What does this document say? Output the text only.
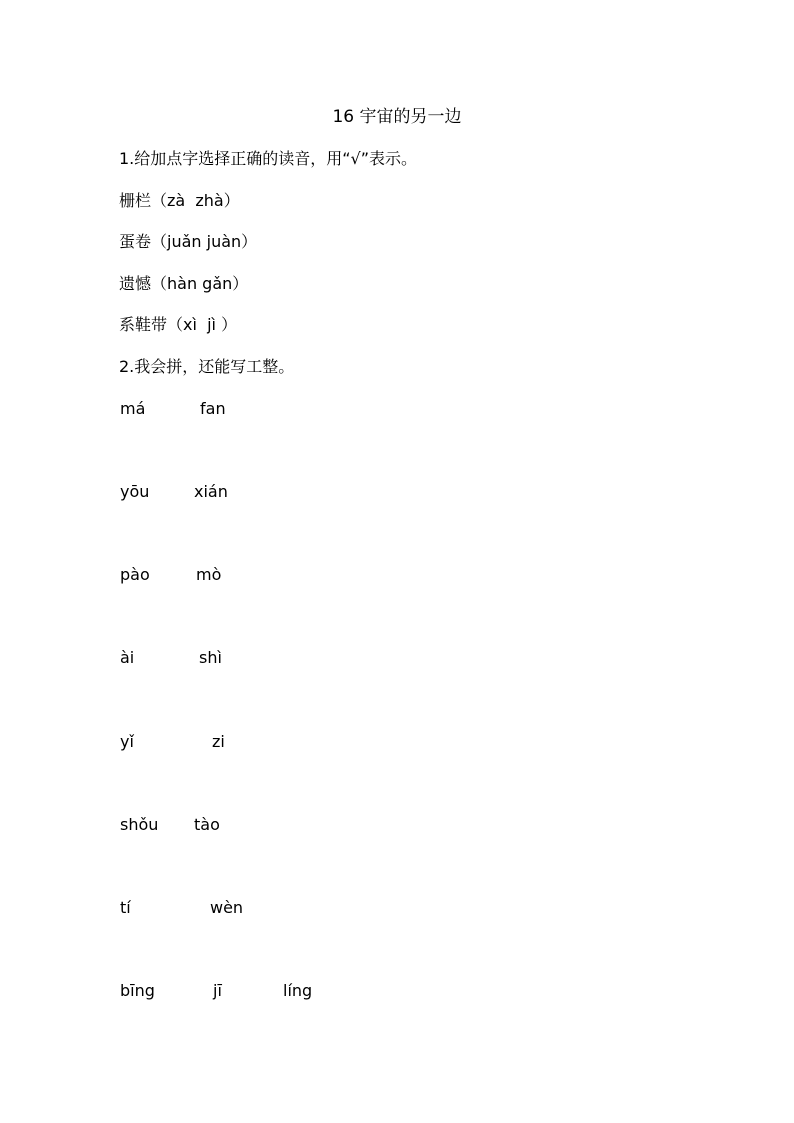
16 宇宙的另一边
1.给加点字选择正确的读音，用“√”表示。
栅栏（zà  zhà）
蛋卷（juǎn juàn）
遗憾（hàn gǎn）
系鞋带（xì  jì ）
2.我会拼，还能写工整。
má	fan
yōu	xián
pào	mò
ài	shì
yǐ	zi
shǒu tào
tí	wèn
bīng	jī	líng
